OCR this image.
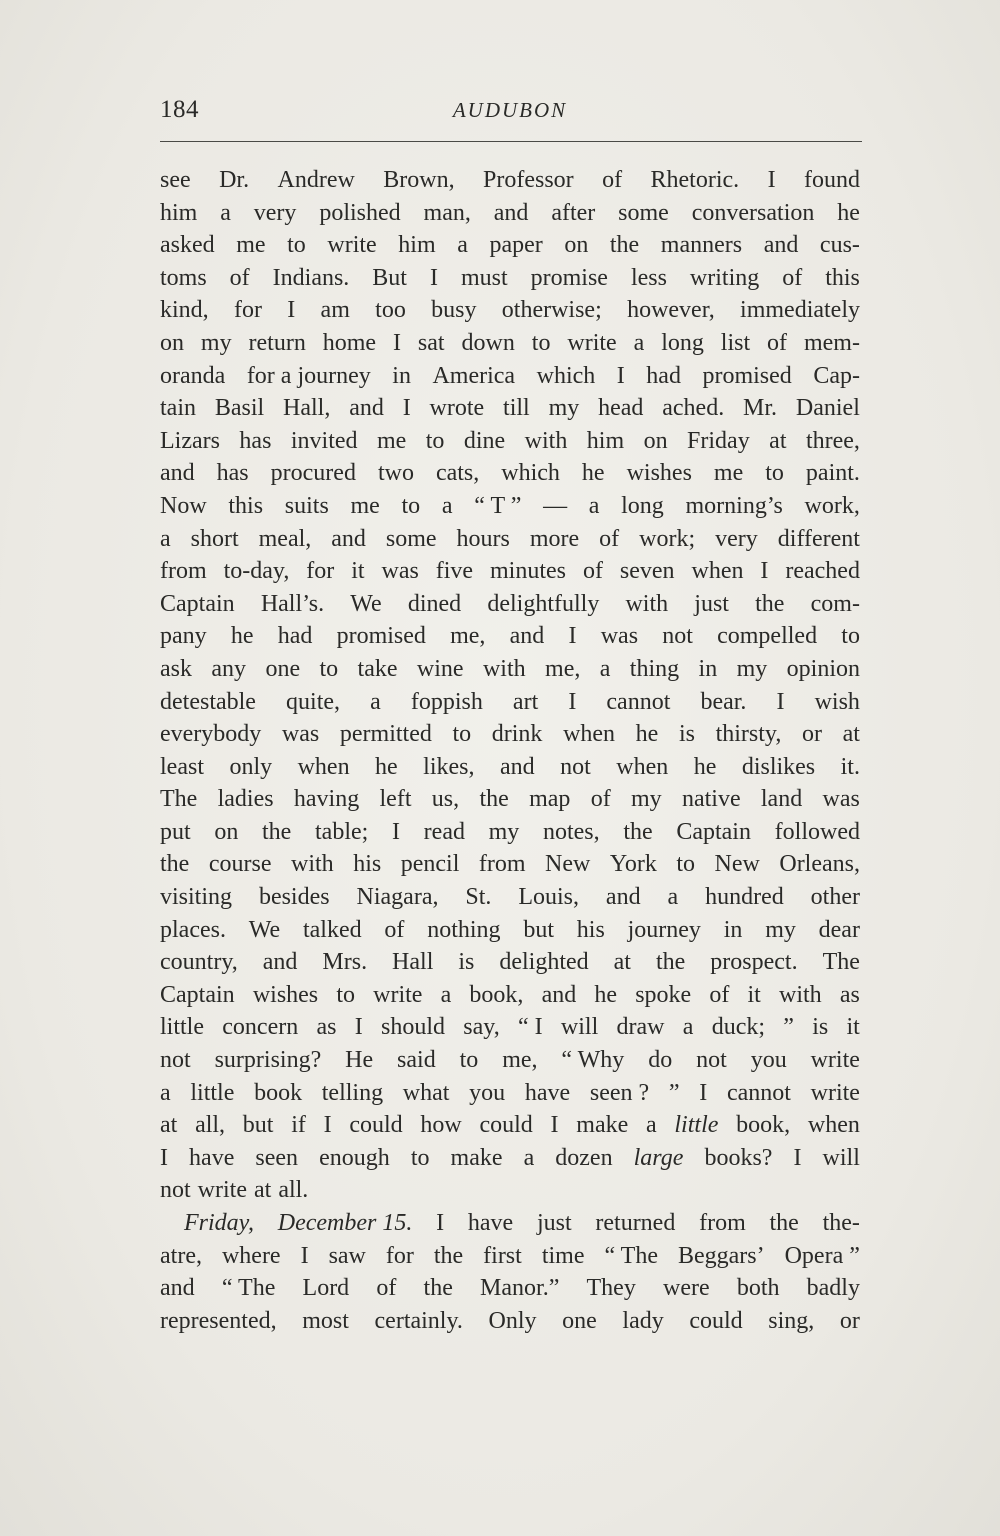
184	AUDUBON
see Dr. Andrew Brown, Professor of Rhetoric. I found
him a very polished man, and after some conversation he
asked me to write him a paper on the manners and cus-
toms of Indians. But I must promise less writing of this
kind, for I am too busy otherwise; however, immediately
on my return home I sat down to write a long list of mem-
oranda for a journey in America which I had promised Cap-
tain Basil Hall, and I wrote till my head ached. Mr. Daniel
Lizars has invited me to dine with him on Friday at three,
and has procured two cats, which he wishes me to paint.
Now this suits me to a “ T ” — a long morning’s work,
a short meal, and some hours more of work; very different
from to-day, for it was five minutes of seven when I reached
Captain Hall’s. We dined delightfully with just the com-
pany he had promised me, and I was not compelled to
ask any one to take wine with me, a thing in my opinion
detestable quite, a foppish art I cannot bear. I wish
everybody was permitted to drink when he is thirsty, or at
least only when he likes, and not when he dislikes it.
The ladies having left us, the map of my native land was
put on the table; I read my notes, the Captain followed
the course with his pencil from New York to New Orleans,
visiting besides Niagara, St. Louis, and a hundred other
places. We talked of nothing but his journey in my dear
country, and Mrs. Hall is delighted at the prospect. The
Captain wishes to write a book, and he spoke of it with as
little concern as I should say, “ I will draw a duck; ” is it
not surprising? He said to me, “ Why do not you write
a little book telling what you have seen ? ” I cannot write
at all, but if I could how could I make a little book, when
I have seen enough to make a dozen large books? I will
not write at all.
Friday, December 15. I have just returned from the the-
atre, where I saw for the first time “ The Beggars’ Opera ”
and “ The Lord of the Manor.” They were both badly
represented, most certainly. Only one lady could sing, or
